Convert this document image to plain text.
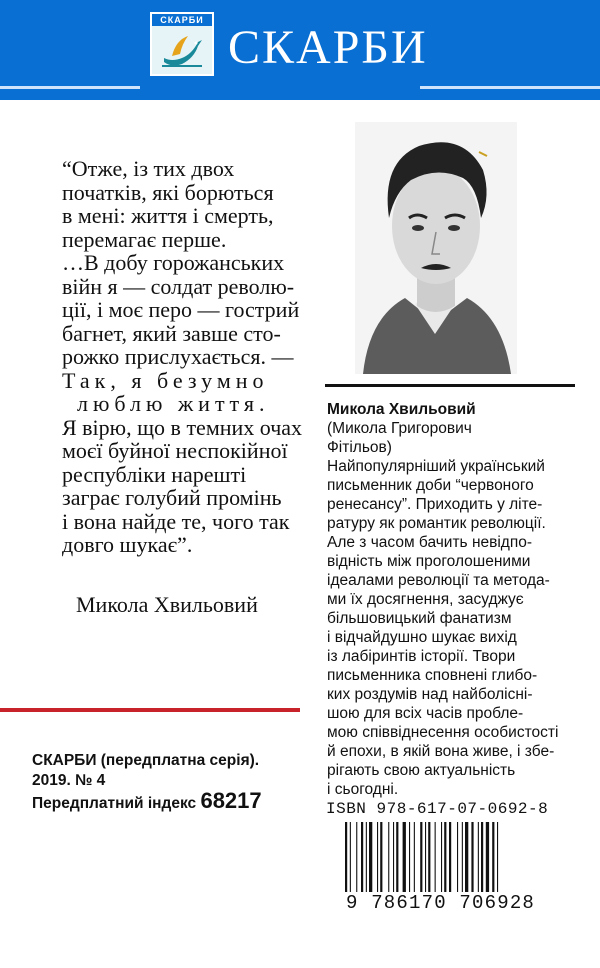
СКАРБИ
СКАРБИ
“Отже, із тих двох
початків, які борються
в мені: життя і смерть,
перемагає перше.
…В добу горожанських
війн я — солдат револю-
ції, і моє перо — гострий
багнет, який завше сто-
рожко прислухається. —
Так, я безумно
люблю життя.
Я вірю, що в темних очах
моєї буйної неспокійної
республіки нарешті
заграє голубий промінь
і вона найде те, чого так
довго шукає”.
Микола Хвильовий
СКАРБИ (передплатна серія).
2019. № 4
Передплатний індекс 68217
Микола Хвильовий
(Микола Григорович
Фітільов)
Найпопулярніший український
письменник доби “червоного
ренесансу”. Приходить у літе-
ратуру як романтик революції.
Але з часом бачить невідпо-
відність між проголошеними
ідеалами революції та метода-
ми їх досягнення, засуджує
більшовицький фанатизм
і відчайдушно шукає вихід
із лабіринтів історії. Твори
письменника сповнені глибо-
ких роздумів над найболісні-
шою для всіх часів пробле-
мою співвіднесення особистості
й епохи, в якій вона живе, і збе-
рігають свою актуальність
і сьогодні.
ISBN 978-617-07-0692-8
9 786170 706928
